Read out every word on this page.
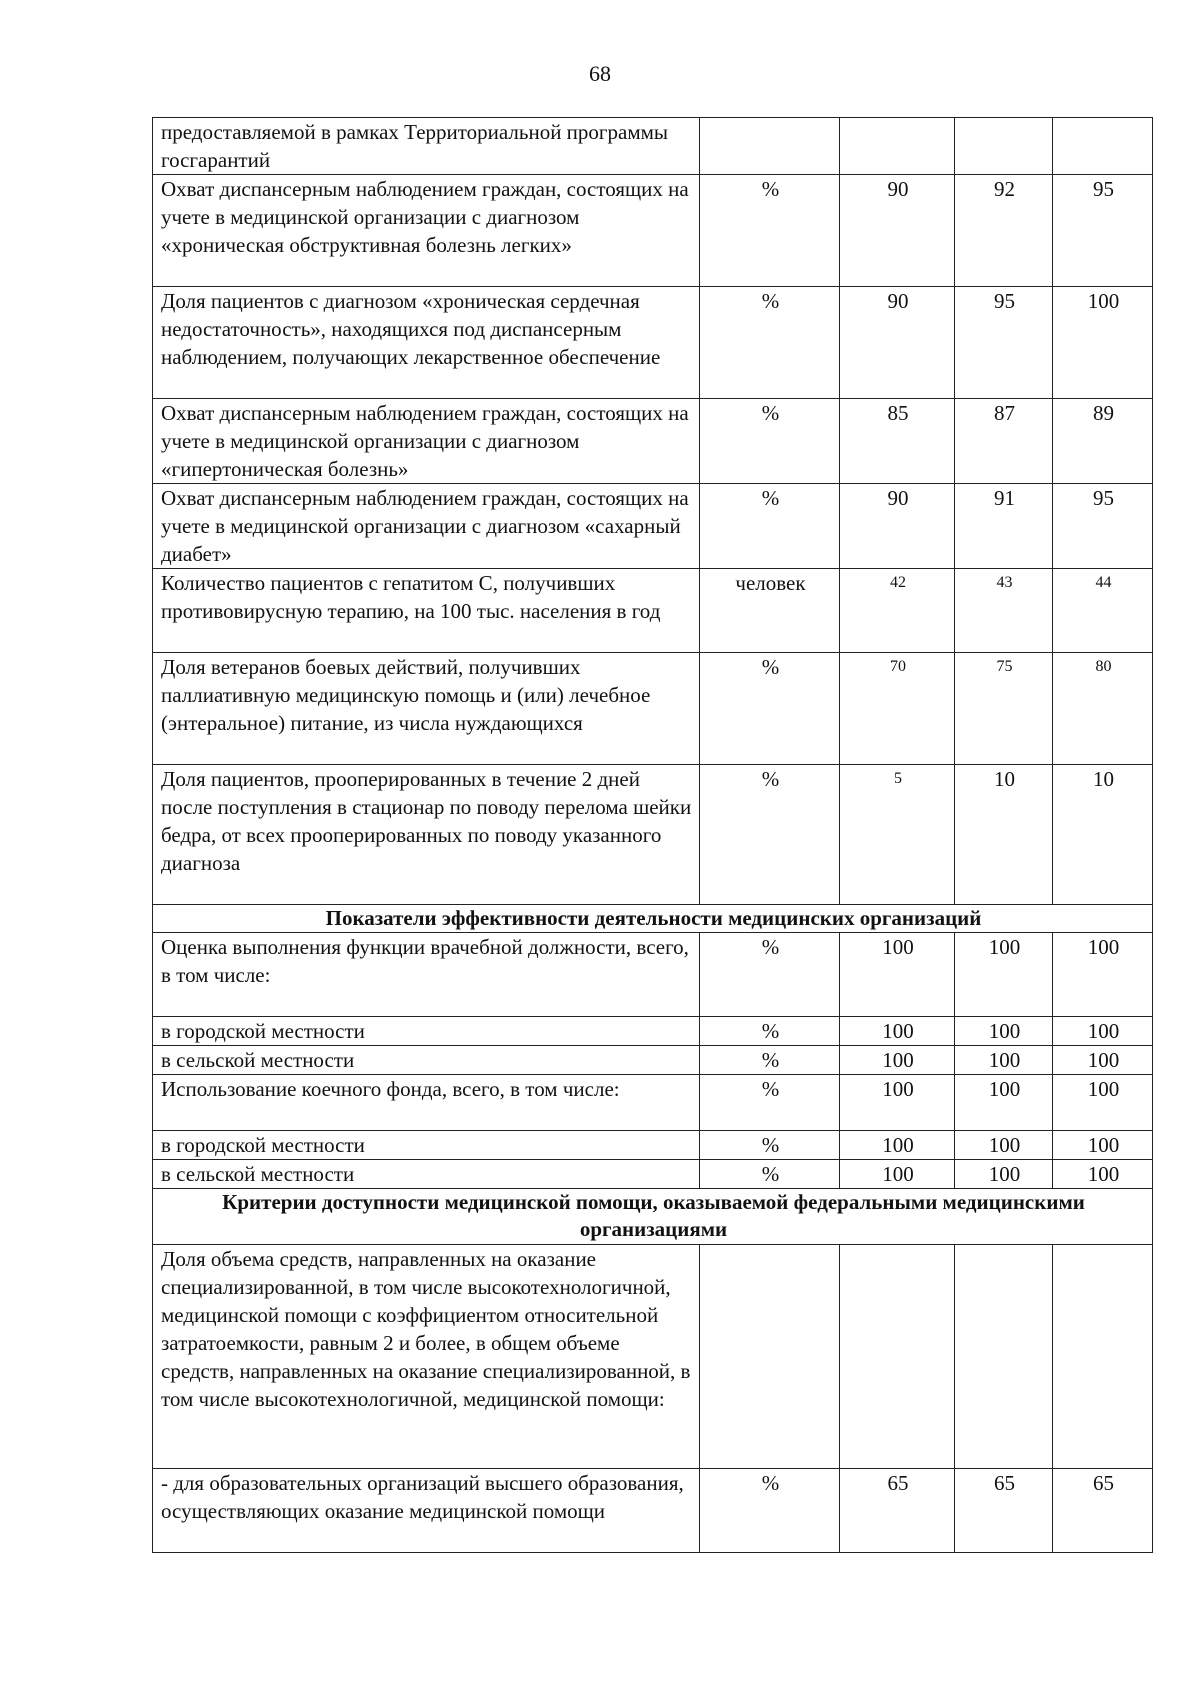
68
предоставляемой в рамках Территориальной программы госгарантий				
Охват диспансерным наблюдением граждан, состоящих на учете в медицинской организации с диагнозом «хроническая обструктивная болезнь легких»	%	90	92	95
Доля пациентов с диагнозом «хроническая сердечная недостаточность», находящихся под диспансерным наблюдением, получающих лекарственное обеспечение	%	90	95	100
Охват диспансерным наблюдением граждан, состоящих на учете в медицинской организации с диагнозом «гипертоническая болезнь»	%	85	87	89
Охват диспансерным наблюдением граждан, состоящих на учете в медицинской организации с диагнозом «сахарный диабет»	%	90	91	95
Количество пациентов с гепатитом С, получивших противовирусную терапию, на 100 тыс. населения в год	человек	42	43	44
Доля ветеранов боевых действий, получивших паллиативную медицинскую помощь и (или) лечебное (энтеральное) питание, из числа нуждающихся	%	70	75	80
Доля пациентов, прооперированных в течение 2 дней после поступления в стационар по поводу перелома шейки бедра, от всех прооперированных по поводу указанного диагноза	%	5	10	10
Показатели эффективности деятельности медицинских организаций				
Оценка выполнения функции врачебной должности, всего, в том числе:	%	100	100	100
в городской местности	%	100	100	100
в сельской местности	%	100	100	100
Использование коечного фонда, всего, в том числе:	%	100	100	100
в городской местности	%	100	100	100
в сельской местности	%	100	100	100
Критерии доступности медицинской помощи, оказываемой федеральными медицинскими организациями				
Доля объема средств, направленных на оказание специализированной, в том числе высокотехнологичной, медицинской помощи с коэффициентом относительной затратоемкости, равным 2 и более, в общем объеме средств, направленных на оказание специализированной, в том числе высокотехнологичной, медицинской помощи:				
- для образовательных организаций высшего образования, осуществляющих оказание медицинской помощи	%	65	65	65
